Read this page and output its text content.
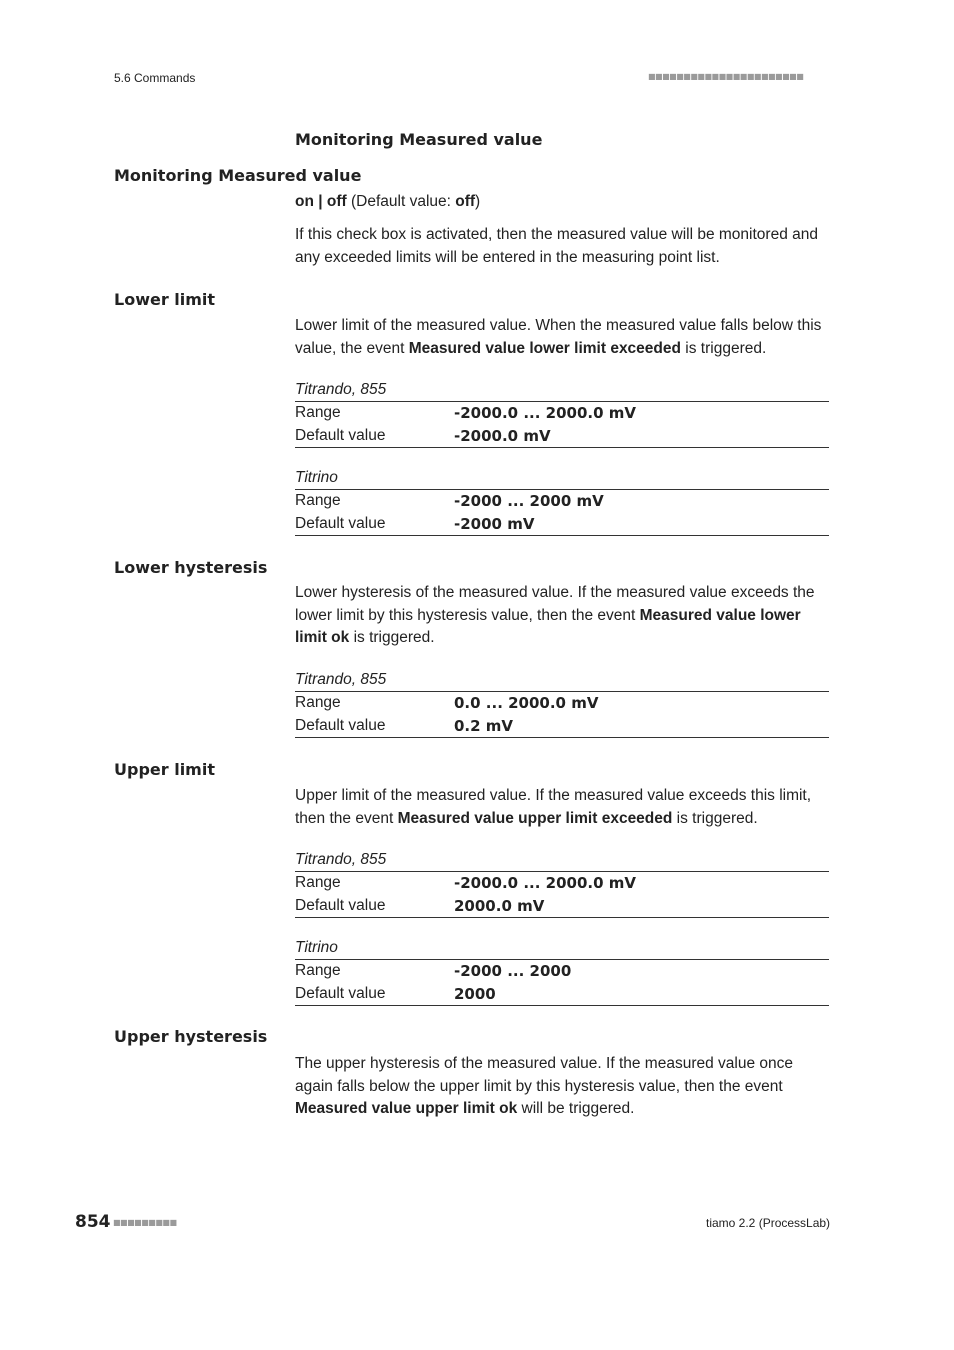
5.6 Commands	■■■■■■■■■■■■■■■■■■■■■■
Monitoring Measured value
Monitoring Measured value
on | off (Default value: off)
If this check box is activated, then the measured value will be monitored and any exceeded limits will be entered in the measuring point list.
Lower limit
Lower limit of the measured value. When the measured value falls below this value, the event Measured value lower limit exceeded is triggered.
Titrando, 855
Range	-2000.0 ... 2000.0 mV
Default value	-2000.0 mV
Titrino
Range	-2000 ... 2000 mV
Default value	-2000 mV
Lower hysteresis
Lower hysteresis of the measured value. If the measured value exceeds the lower limit by this hysteresis value, then the event Measured value lower limit ok is triggered.
Titrando, 855
Range	0.0 ... 2000.0 mV
Default value	0.2 mV
Upper limit
Upper limit of the measured value. If the measured value exceeds this limit, then the event Measured value upper limit exceeded is triggered.
Titrando, 855
Range	-2000.0 ... 2000.0 mV
Default value	2000.0 mV
Titrino
Range	-2000 ... 2000
Default value	2000
Upper hysteresis
The upper hysteresis of the measured value. If the measured value once again falls below the upper limit by this hysteresis value, then the event Measured value upper limit ok will be triggered.
854 ■■■■■■■■■	tiamo 2.2 (ProcessLab)
